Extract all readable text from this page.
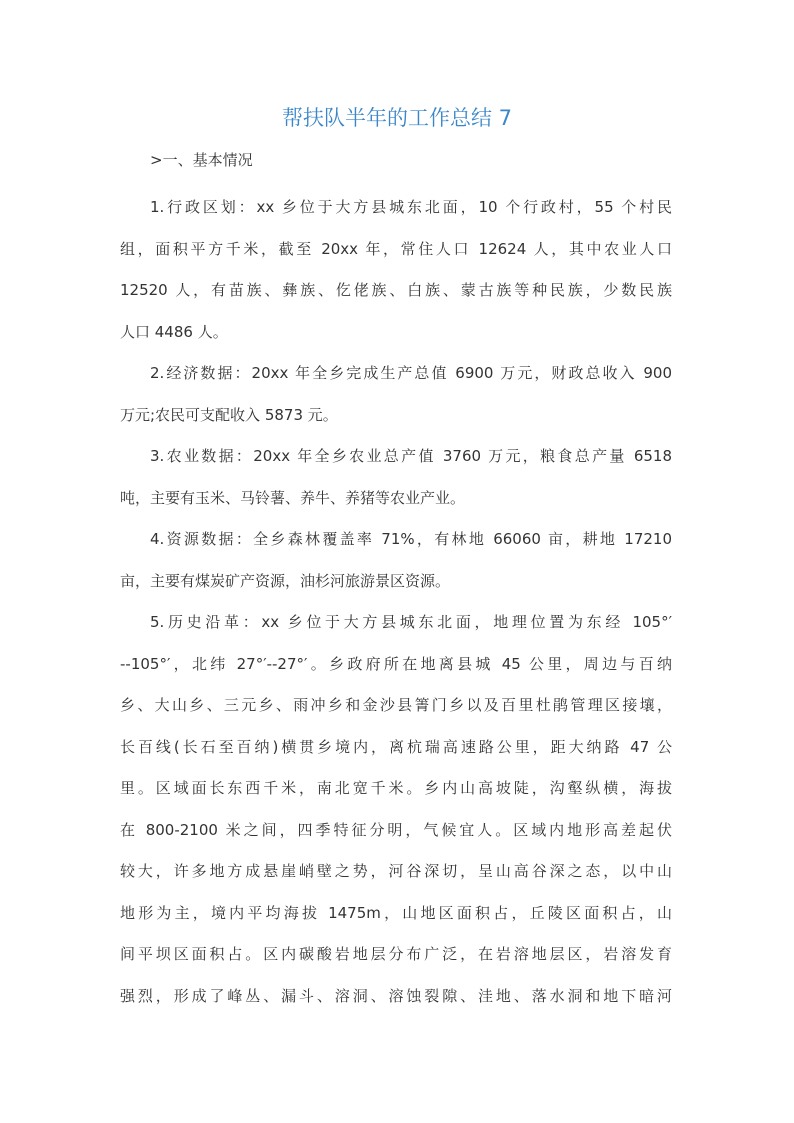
帮扶队半年的工作总结 7
>一、基本情况
1.行政区划：xx 乡位于大方县城东北面，10 个行政村，55 个村民
组，面积平方千米，截至 20xx 年，常住人口 12624 人，其中农业人口
12520 人，有苗族、彝族、仡佬族、白族、蒙古族等种民族，少数民族
人口 4486 人。
2.经济数据：20xx 年全乡完成生产总值 6900 万元，财政总收入 900
万元;农民可支配收入 5873 元。
3.农业数据：20xx 年全乡农业总产值 3760 万元，粮食总产量 6518
吨，主要有玉米、马铃薯、养牛、养猪等农业产业。
4.资源数据：全乡森林覆盖率 71%，有林地 66060 亩，耕地 17210
亩，主要有煤炭矿产资源，油杉河旅游景区资源。
5.历史沿革：xx 乡位于大方县城东北面，地理位置为东经 105°′
--105°′，北纬 27°′--27°′。乡政府所在地离县城 45 公里，周边与百纳
乡、大山乡、三元乡、雨冲乡和金沙县箐门乡以及百里杜鹃管理区接壤，
长百线(长石至百纳)横贯乡境内，离杭瑞高速路公里，距大纳路 47 公
里。区域面长东西千米，南北宽千米。乡内山高坡陡，沟壑纵横，海拔
在 800-2100 米之间，四季特征分明，气候宜人。区域内地形高差起伏
较大，许多地方成悬崖峭壁之势，河谷深切，呈山高谷深之态，以中山
地形为主，境内平均海拔 1475m，山地区面积占，丘陵区面积占，山
间平坝区面积占。区内碳酸岩地层分布广泛，在岩溶地层区，岩溶发育
强烈，形成了峰丛、漏斗、溶洞、溶蚀裂隙、洼地、落水洞和地下暗河
